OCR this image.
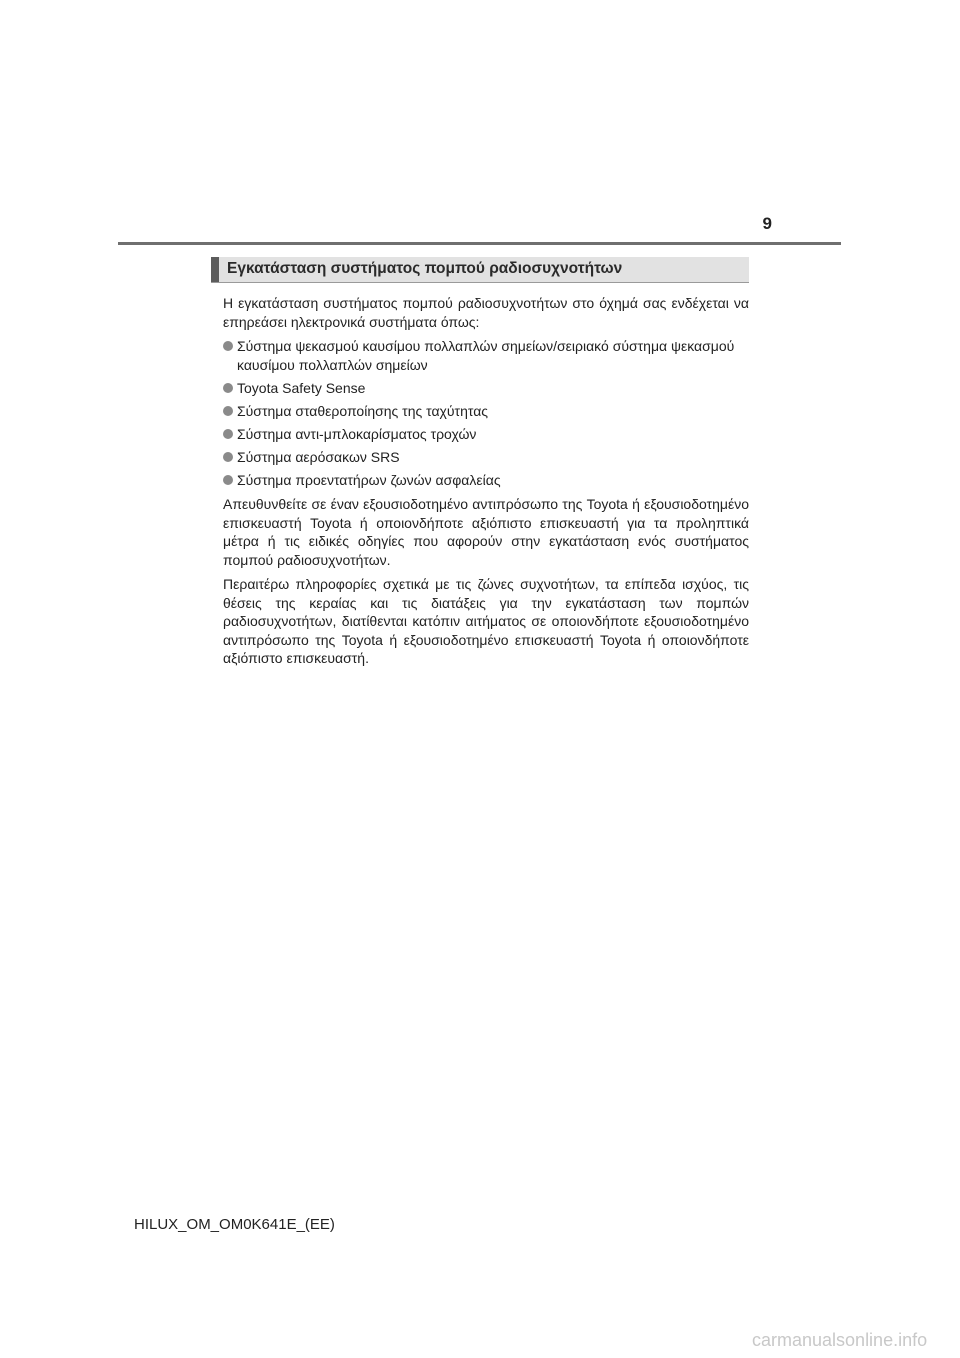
9
Εγκατάσταση συστήματος πομπού ραδιοσυχνοτήτων

Η εγκατάσταση συστήματος πομπού ραδιοσυχνοτήτων στο όχημά σας ενδέχεται να επηρεάσει ηλεκτρονικά συστήματα όπως:

Σύστημα ψεκασμού καυσίμου πολλαπλών σημείων/σειριακό σύστημα ψεκασμού καυσίμου πολλαπλών σημείων
Toyota Safety Sense
Σύστημα σταθεροποίησης της ταχύτητας
Σύστημα αντι-μπλοκαρίσματος τροχών
Σύστημα αερόσακων SRS
Σύστημα προεντατήρων ζωνών ασφαλείας

Απευθυνθείτε σε έναν εξουσιοδοτημένο αντιπρόσωπο της Toyota ή εξουσιοδοτημένο επισκευαστή Toyota ή οποιονδήποτε αξιόπιστο επισκευαστή για τα προληπτικά μέτρα ή τις ειδικές οδηγίες που αφορούν στην εγκατάσταση ενός συστήματος πομπού ραδιοσυχνοτήτων.

Περαιτέρω πληροφορίες σχετικά με τις ζώνες συχνοτήτων, τα επίπεδα ισχύος, τις θέσεις της κεραίας και τις διατάξεις για την εγκατάσταση των πομπών ραδιοσυχνοτήτων, διατίθενται κατόπιν αιτήματος σε οποιονδήποτε εξουσιοδοτημένο αντιπρόσωπο της Toyota ή εξουσιοδοτημένο επισκευαστή Toyota ή οποιονδήποτε αξιόπιστο επισκευαστή.

HILUX_OM_OM0K641E_(EE)
carmanualsonline.info
